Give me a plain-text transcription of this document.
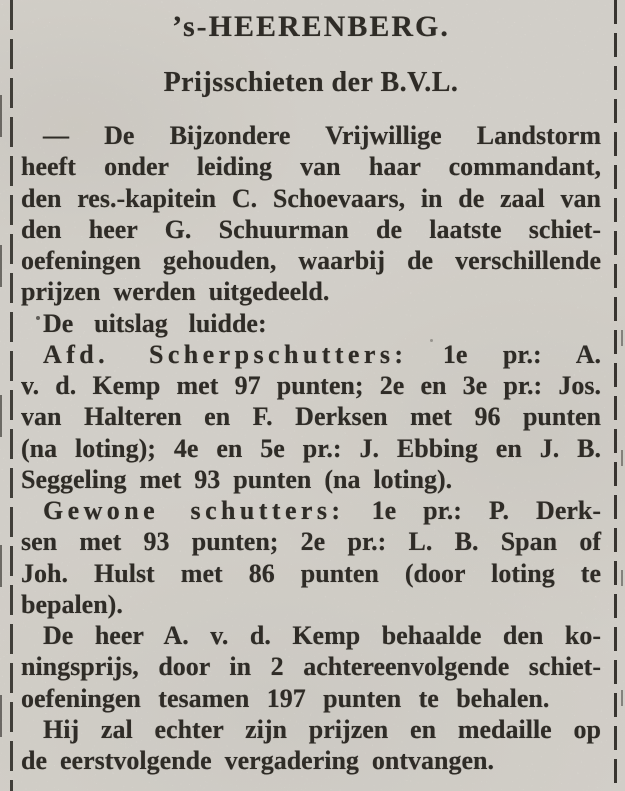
’s-HEERENBERG.
Prijsschieten der B.V.L.
— De Bijzondere Vrijwillige Landstorm
heeft onder leiding van haar commandant,
den res.-kapitein C. Schoevaars, in de zaal van
den heer G. Schuurman de laatste schiet-
oefeningen gehouden, waarbij de verschillende
prijzen werden uitgedeeld.
De uitslag luidde:
Afd. Scherpschutters: 1e pr.: A.
v. d. Kemp met 97 punten; 2e en 3e pr.: Jos.
van Halteren en F. Derksen met 96 punten
(na loting); 4e en 5e pr.: J. Ebbing en J. B.
Seggeling met 93 punten (na loting).
Gewone schutters: 1e pr.: P. Derk-
sen met 93 punten; 2e pr.: L. B. Span of
Joh. Hulst met 86 punten (door loting te
bepalen).
De heer A. v. d. Kemp behaalde den ko-
ningsprijs, door in 2 achtereenvolgende schiet-
oefeningen tesamen 197 punten te behalen.
Hij zal echter zijn prijzen en medaille op
de eerstvolgende vergadering ontvangen.
